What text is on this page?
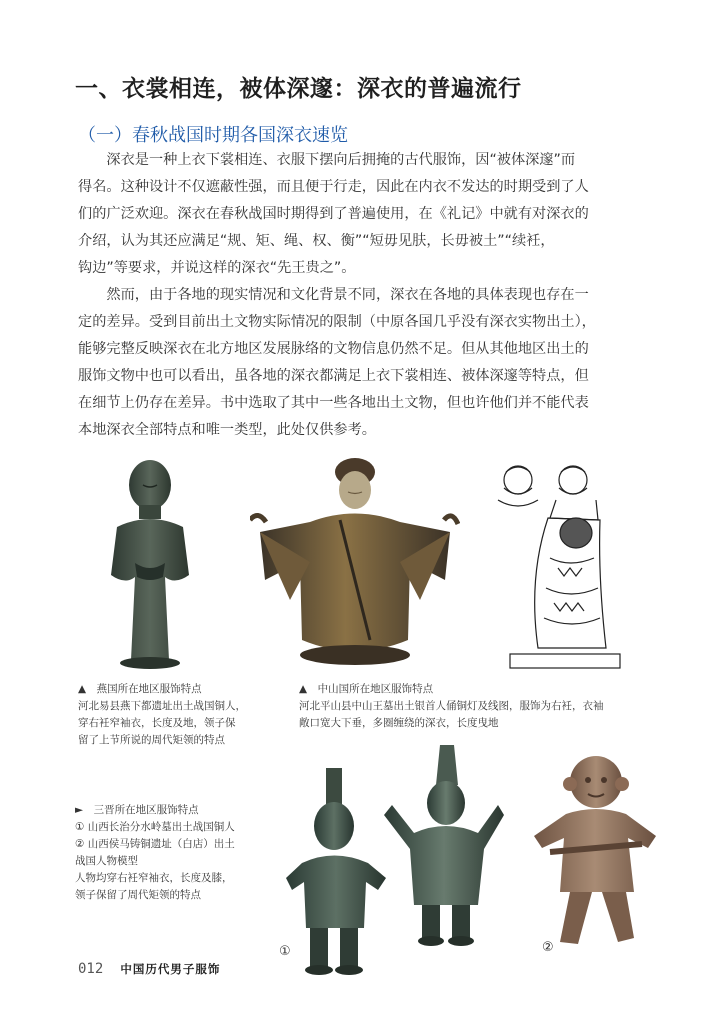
一、衣裳相连，被体深邃：深衣的普遍流行
（一）春秋战国时期各国深衣速览
　　深衣是一种上衣下裳相连、衣服下摆向后拥掩的古代服饰，因“被体深邃”而
得名。这种设计不仅遮蔽性强，而且便于行走，因此在内衣不发达的时期受到了人
们的广泛欢迎。深衣在春秋战国时期得到了普遍使用，在《礼记》中就有对深衣的
介绍，认为其还应满足“规、矩、绳、权、衡”“短毋见肤，长毋被土”“续衽，
钩边”等要求，并说这样的深衣“先王贵之”。
　　然而，由于各地的现实情况和文化背景不同，深衣在各地的具体表现也存在一
定的差异。受到目前出土文物实际情况的限制（中原各国几乎没有深衣实物出土），
能够完整反映深衣在北方地区发展脉络的文物信息仍然不足。但从其他地区出土的
服饰文物中也可以看出，虽各地的深衣都满足上衣下裳相连、被体深邃等特点，但
在细节上仍存在差异。书中选取了其中一些各地出土文物，但也许他们并不能代表
本地深衣全部特点和唯一类型，此处仅供参考。
▲　燕国所在地区服饰特点
河北易县燕下都遗址出土战国铜人，
穿右衽窄袖衣，长度及地，领子保
留了上节所说的周代矩领的特点
▲　中山国所在地区服饰特点
河北平山县中山王墓出土银首人俑铜灯及线图，服饰为右衽，衣袖
敞口宽大下垂，多圈缠绕的深衣，长度曳地
►　三晋所在地区服饰特点
① 山西长治分水岭墓出土战国铜人
② 山西侯马铸铜遗址（白店）出土
战国人物模型
人物均穿右衽窄袖衣，长度及膝，
领子保留了周代矩领的特点
①	②
012 中国历代男子服饰
